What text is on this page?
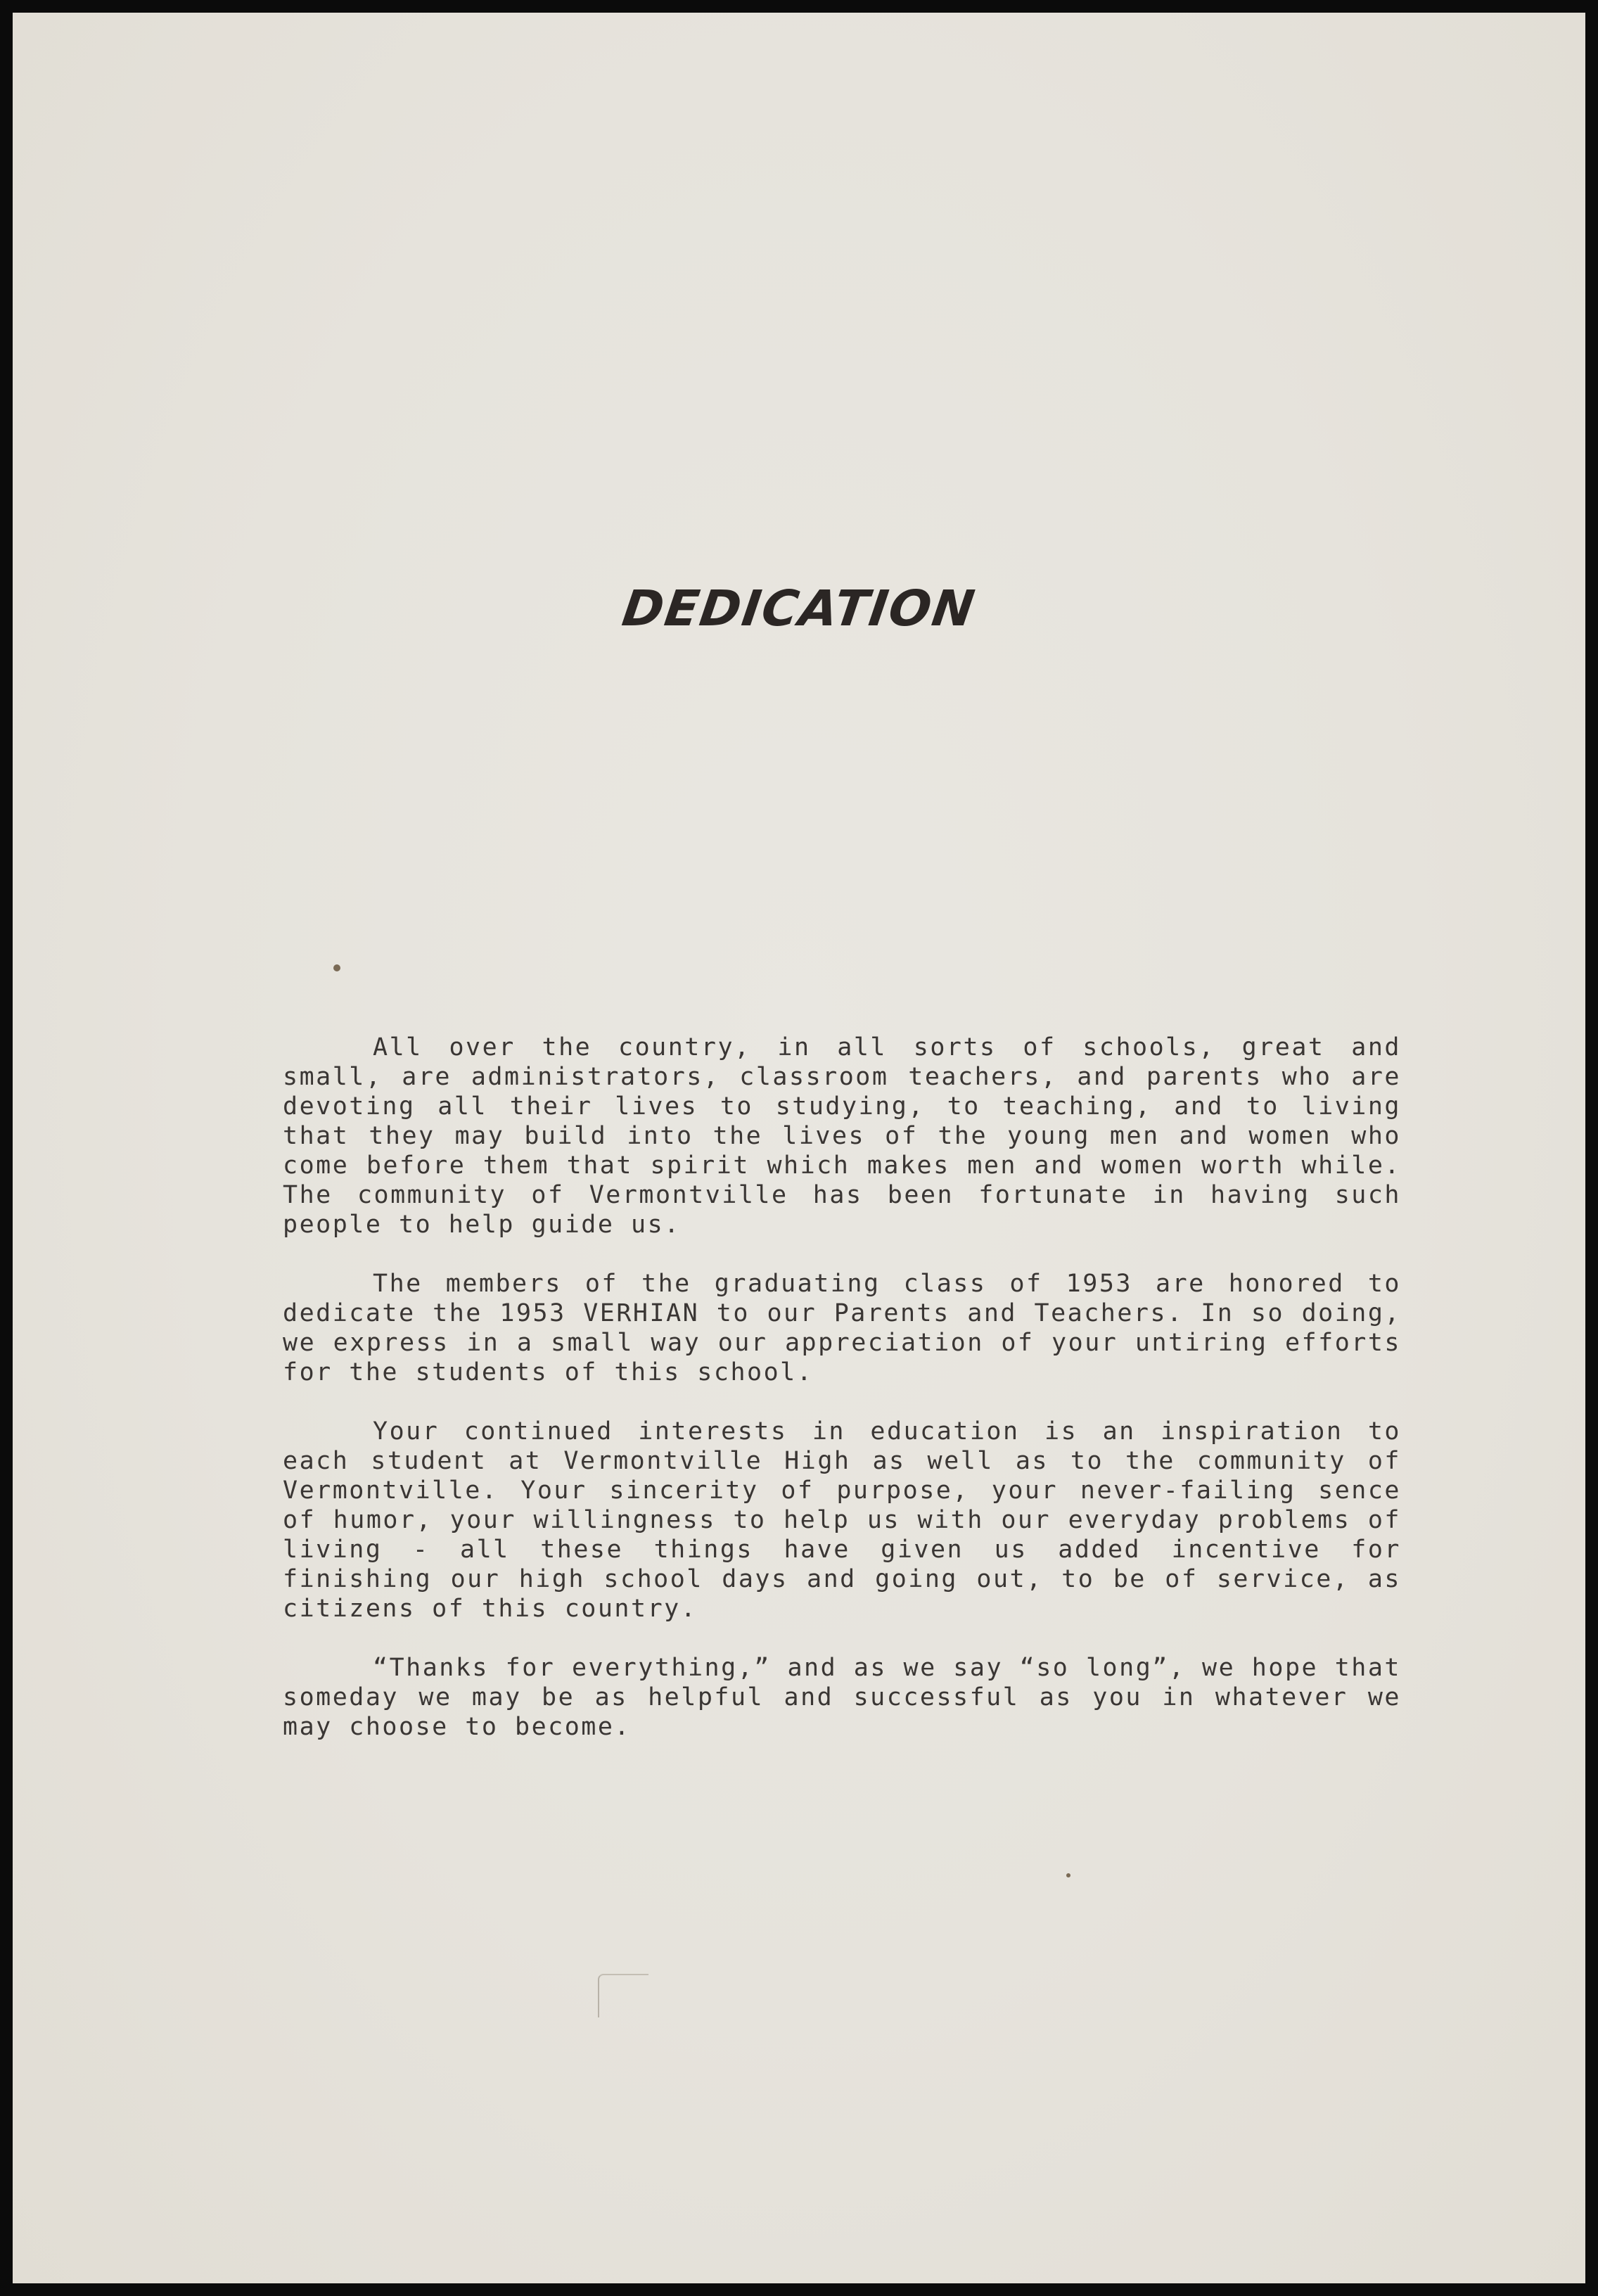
DEDICATION

All over the country, in all sorts of schools, great and small, are administrators, classroom teachers, and parents who are devoting all their lives to studying, to teaching, and to living that they may build into the lives of the young men and women who come before them that spirit which makes men and women worth while. The community of Vermontville has been fortunate in having such people to help guide us.

The members of the graduating class of 1953 are honored to dedicate the 1953 VERHIAN to our Parents and Teachers. In so doing, we express in a small way our appreciation of your untiring efforts for the students of this school.

Your continued interests in education is an inspiration to each student at Vermontville High as well as to the community of Vermontville. Your sincerity of purpose, your never-failing sence of humor, your willingness to help us with our everyday problems of living - all these things have given us added incentive for finishing our high school days and going out, to be of service, as citizens of this country.

“Thanks for everything,” and as we say “so long”, we hope that someday we may be as helpful and successful as you in whatever we may choose to become.
